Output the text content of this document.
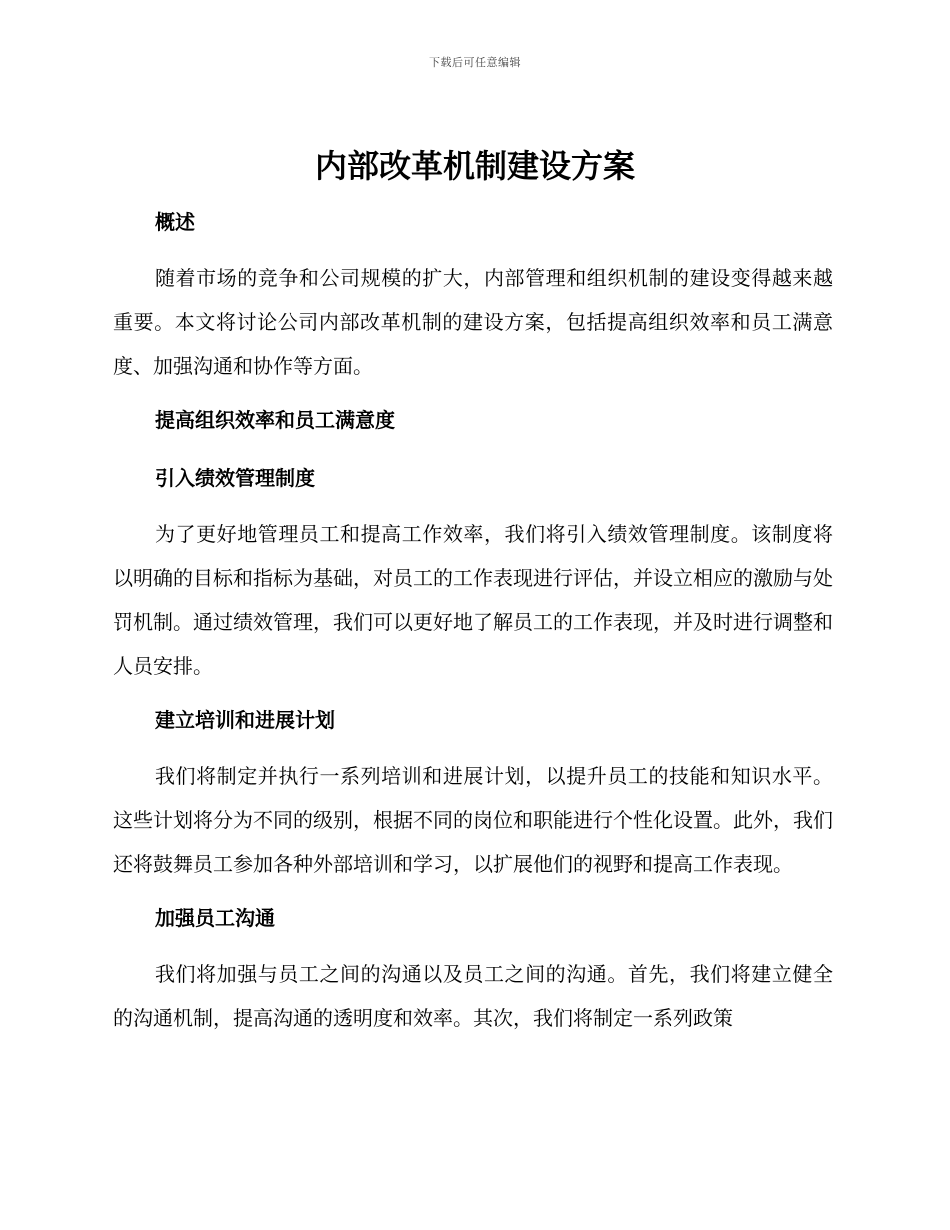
下载后可任意编辑
内部改革机制建设方案
概述

随着市场的竞争和公司规模的扩大，内部管理和组织机制的建设变得越来越重要。本文将讨论公司内部改革机制的建设方案，包括提高组织效率和员工满意度、加强沟通和协作等方面。

提高组织效率和员工满意度
引入绩效管理制度

为了更好地管理员工和提高工作效率，我们将引入绩效管理制度。该制度将以明确的目标和指标为基础，对员工的工作表现进行评估，并设立相应的激励与处罚机制。通过绩效管理，我们可以更好地了解员工的工作表现，并及时进行调整和人员安排。

建立培训和进展计划

我们将制定并执行一系列培训和进展计划，以提升员工的技能和知识水平。这些计划将分为不同的级别，根据不同的岗位和职能进行个性化设置。此外，我们还将鼓舞员工参加各种外部培训和学习，以扩展他们的视野和提高工作表现。

加强员工沟通

我们将加强与员工之间的沟通以及员工之间的沟通。首先，我们将建立健全的沟通机制，提高沟通的透明度和效率。其次，我们将制定一系列政策
